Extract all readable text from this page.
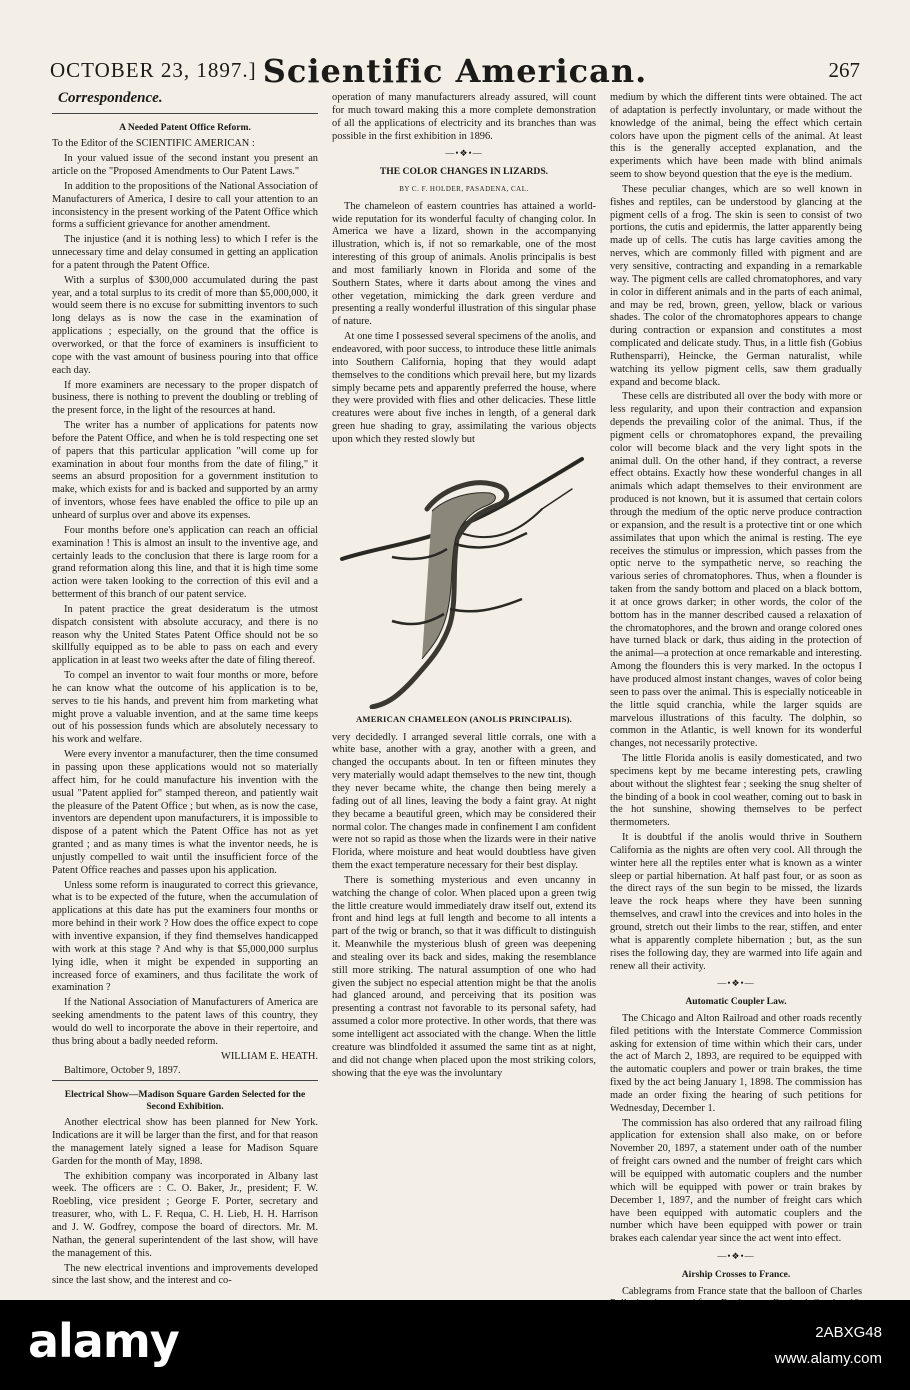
OCTOBER 23, 1897.] Scientific American.	267
Correspondence.
A Needed Patent Office Reform.

To the Editor of the SCIENTIFIC AMERICAN :

In your valued issue of the second instant you present an article on the "Proposed Amendments to Our Patent Laws."

In addition to the propositions of the National Association of Manufacturers of America, I desire to call your attention to an inconsistency in the present working of the Patent Office which forms a sufficient grievance for another amendment.

The injustice (and it is nothing less) to which I refer is the unnecessary time and delay consumed in getting an application for a patent through the Patent Office.

With a surplus of $300,000 accumulated during the past year, and a total surplus to its credit of more than $5,000,000, it would seem there is no excuse for submitting inventors to such long delays as is now the case in the examination of applications ; especially, on the ground that the office is overworked, or that the force of examiners is insufficient to cope with the vast amount of business pouring into that office each day.

If more examiners are necessary to the proper dispatch of business, there is nothing to prevent the doubling or trebling of the present force, in the light of the resources at hand.

The writer has a number of applications for patents now before the Patent Office, and when he is told respecting one set of papers that this particular application "will come up for examination in about four months from the date of filing," it seems an absurd proposition for a government institution to make, which exists for and is backed and supported by an army of inventors, whose fees have enabled the office to pile up an unheard of surplus over and above its expenses.

Four months before one's application can reach an official examination ! This is almost an insult to the inventive age, and certainly leads to the conclusion that there is large room for a grand reformation along this line, and that it is high time some action were taken looking to the correction of this evil and a betterment of this branch of our patent service.

In patent practice the great desideratum is the utmost dispatch consistent with absolute accuracy, and there is no reason why the United States Patent Office should not be so skillfully equipped as to be able to pass on each and every application in at least two weeks after the date of filing thereof.

To compel an inventor to wait four months or more, before he can know what the outcome of his application is to be, serves to tie his hands, and prevent him from marketing what might prove a valuable invention, and at the same time keeps out of his possession funds which are absolutely necessary to his work and welfare.

Were every inventor a manufacturer, then the time consumed in passing upon these applications would not so materially affect him, for he could manufacture his invention with the usual "Patent applied for" stamped thereon, and patiently wait the pleasure of the Patent Office ; but when, as is now the case, inventors are dependent upon manufacturers, it is impossible to dispose of a patent which the Patent Office has not as yet granted ; and as many times is what the inventor needs, he is unjustly compelled to wait until the insufficient force of the Patent Office reaches and passes upon his application.

Unless some reform is inaugurated to correct this grievance, what is to be expected of the future, when the accumulation of applications at this date has put the examiners four months or more behind in their work ? How does the office expect to cope with inventive expansion, if they find themselves handicapped with work at this stage ? And why is that $5,000,000 surplus lying idle, when it might be expended in supporting an increased force of examiners, and thus facilitate the work of examination ?

If the National Association of Manufacturers of America are seeking amendments to the patent laws of this country, they would do well to incorporate the above in their repertoire, and thus bring about a badly needed reform.

WILLIAM E. HEATH.

Baltimore, October 9, 1897.

Electrical Show—Madison Square Garden Selected for the Second Exhibition.

Another electrical show has been planned for New York. Indications are it will be larger than the first, and for that reason the management lately signed a lease for Madison Square Garden for the month of May, 1898.

The exhibition company was incorporated in Albany last week. The officers are : C. O. Baker, Jr., president; F. W. Roebling, vice president ; George F. Porter, secretary and treasurer, who, with L. F. Requa, C. H. Lieb, H. H. Harrison and J. W. Godfrey, compose the board of directors. Mr. M. Nathan, the general superintendent of the last show, will have the management of this.

The new electrical inventions and improvements developed since the last show, and the interest and co-

operation of many manufacturers already assured, will count for much toward making this a more complete demonstration of all the applications of electricity and its branches than was possible in the first exhibition in 1896.

—•❖•—
THE COLOR CHANGES IN LIZARDS.
BY C. F. HOLDER, PASADENA, CAL.

The chameleon of eastern countries has attained a world-wide reputation for its wonderful faculty of changing color. In America we have a lizard, shown in the accompanying illustration, which is, if not so remarkable, one of the most interesting of this group of animals. Anolis principalis is best and most familiarly known in Florida and some of the Southern States, where it darts about among the vines and other vegetation, mimicking the dark green verdure and presenting a really wonderful illustration of this singular phase of nature.

At one time I possessed several specimens of the anolis, and endeavored, with poor success, to introduce these little animals into Southern California, hoping that they would adapt themselves to the conditions which prevail here, but my lizards simply became pets and apparently preferred the house, where they were provided with flies and other delicacies. These little creatures were about five inches in length, of a general dark green hue shading to gray, assimilating the various objects upon which they rested slowly but

AMERICAN CHAMELEON (ANOLIS PRINCIPALIS).

very decidedly. I arranged several little corrals, one with a white base, another with a gray, another with a green, and changed the occupants about. In ten or fifteen minutes they very materially would adapt themselves to the new tint, though they never became white, the change then being merely a fading out of all lines, leaving the body a faint gray. At night they became a beautiful green, which may be considered their normal color. The changes made in confinement I am confident were not so rapid as those when the lizards were in their native Florida, where moisture and heat would doubtless have given them the exact temperature necessary for their best display.

There is something mysterious and even uncanny in watching the change of color. When placed upon a green twig the little creature would immediately draw itself out, extend its front and hind legs at full length and become to all intents a part of the twig or branch, so that it was difficult to distinguish it. Meanwhile the mysterious blush of green was deepening and stealing over its back and sides, making the resemblance still more striking. The natural assumption of one who had given the subject no especial attention might be that the anolis had glanced around, and perceiving that its position was presenting a contrast not favorable to its personal safety, had assumed a color more protective. In other words, that there was some intelligent act associated with the change. When the little creature was blindfolded it assumed the same tint as at night, and did not change when placed upon the most striking colors, showing that the eye was the involuntary

medium by which the different tints were obtained. The act of adaptation is perfectly involuntary, or made without the knowledge of the animal, being the effect which certain colors have upon the pigment cells of the animal. At least this is the generally accepted explanation, and the experiments which have been made with blind animals seem to show beyond question that the eye is the medium.

These peculiar changes, which are so well known in fishes and reptiles, can be understood by glancing at the pigment cells of a frog. The skin is seen to consist of two portions, the cutis and epidermis, the latter apparently being made up of cells. The cutis has large cavities among the nerves, which are commonly filled with pigment and are very sensitive, contracting and expanding in a remarkable way. The pigment cells are called chromatophores, and vary in color in different animals and in the parts of each animal, and may be red, brown, green, yellow, black or various shades. The color of the chromatophores appears to change during contraction or expansion and constitutes a most complicated and delicate study. Thus, in a little fish (Gobius Ruthensparri), Heincke, the German naturalist, while watching its yellow pigment cells, saw them gradually expand and become black.

These cells are distributed all over the body with more or less regularity, and upon their contraction and expansion depends the prevailing color of the animal. Thus, if the pigment cells or chromatophores expand, the prevailing color will become black and the very light spots in the animal dull. On the other hand, if they contract, a reverse effect obtains. Exactly how these wonderful changes in all animals which adapt themselves to their environment are produced is not known, but it is assumed that certain colors through the medium of the optic nerve produce contraction or expansion, and the result is a protective tint or one which assimilates that upon which the animal is resting. The eye receives the stimulus or impression, which passes from the optic nerve to the sympathetic nerve, so reaching the various series of chromatophores. Thus, when a flounder is taken from the sandy bottom and placed on a black bottom, it at once grows darker; in other words, the color of the bottom has in the manner described caused a relaxation of the chromatophores, and the brown and orange colored ones have turned black or dark, thus aiding in the protection of the animal—a protection at once remarkable and interesting. Among the flounders this is very marked. In the octopus I have produced almost instant changes, waves of color being seen to pass over the animal. This is especially noticeable in the little squid cranchia, while the larger squids are marvelous illustrations of this faculty. The dolphin, so common in the Atlantic, is well known for its wonderful changes, not necessarily protective.

The little Florida anolis is easily domesticated, and two specimens kept by me became interesting pets, crawling about without the slightest fear ; seeking the snug shelter of the binding of a book in cool weather, coming out to bask in the hot sunshine, showing themselves to be perfect thermometers.

It is doubtful if the anolis would thrive in Southern California as the nights are often very cool. All through the winter here all the reptiles enter what is known as a winter sleep or partial hibernation. At half past four, or as soon as the direct rays of the sun begin to be missed, the lizards leave the rock heaps where they have been sunning themselves, and crawl into the crevices and into holes in the ground, stretch out their limbs to the rear, stiffen, and enter what is apparently complete hibernation ; but, as the sun rises the following day, they are warmed into life again and renew all their activity.

—•❖•—
Automatic Coupler Law.

The Chicago and Alton Railroad and other roads recently filed petitions with the Interstate Commerce Commission asking for extension of time within which their cars, under the act of March 2, 1893, are required to be equipped with the automatic couplers and power or train brakes, the time fixed by the act being January 1, 1898. The commission has made an order fixing the hearing of such petitions for Wednesday, December 1.

The commission has also ordered that any railroad filing application for extension shall also make, on or before November 20, 1897, a statement under oath of the number of freight cars owned and the number of freight cars which will be equipped with automatic couplers and the number which will be equipped with power or train brakes by December 1, 1897, and the number of freight cars which have been equipped with automatic couplers and the number which have been equipped with power or train brakes each calendar year since the act went into effect.

—•❖•—
Airship Crosses to France.

Cablegrams from France state that the balloon of Charles

alamy	2ABXG48
www.alamy.com
